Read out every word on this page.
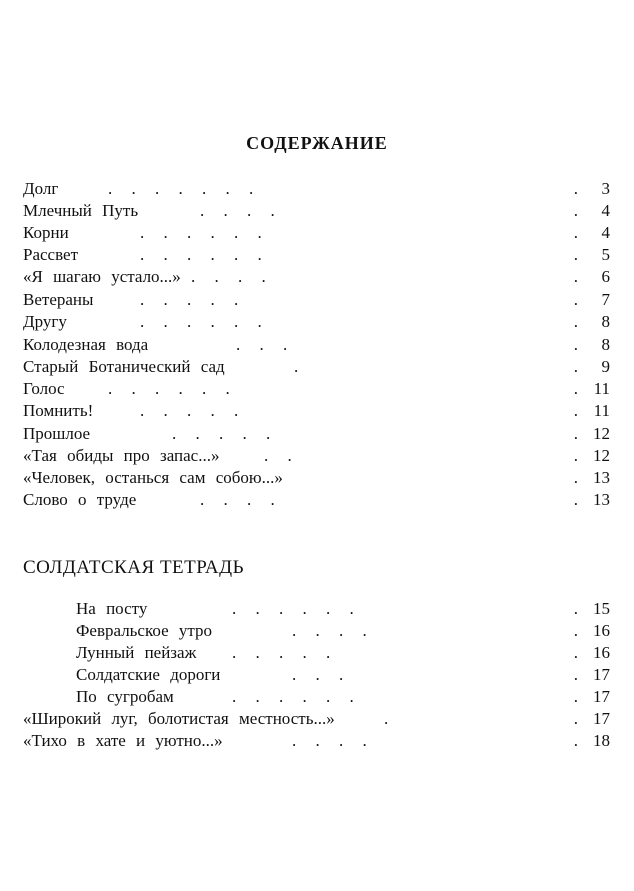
СОДЕРЖАНИЕ
Долг	. . . . . . .	. 3
Млечный Путь	. . . .	. 4
Корни	. . . . . .	. 4
Рассвет	. . . . . .	. 5
«Я шагаю устало...» . . . .	. 6
Ветераны	. . . . .	. 7
Другу	. . . . . .	. 8
Колодезная вода	. . .	. 8
Старый Ботанический сад	.	. 9
Голос	. . . . . .	. 11
Помнить!	. . . . .	. 11
Прошлое	. . . . .	. 12
«Тая обиды про запас...»	. .	. 12
«Человек, останься сам собою...»	. 13
Слово о труде	. . . .	. 13
СОЛДАТСКАЯ ТЕТРАДЬ
На посту	. . . . . .	. 15
Февральское утро	. . . .	. 16
Лунный пейзаж . . . . .	. 16
Солдатские дороги	. . .	. 17
По сугробам	. . . . . .	. 17
«Широкий луг, болотистая местность...»	.	. 17
«Тихо в хате и уютно...»	. . . .	. 18
